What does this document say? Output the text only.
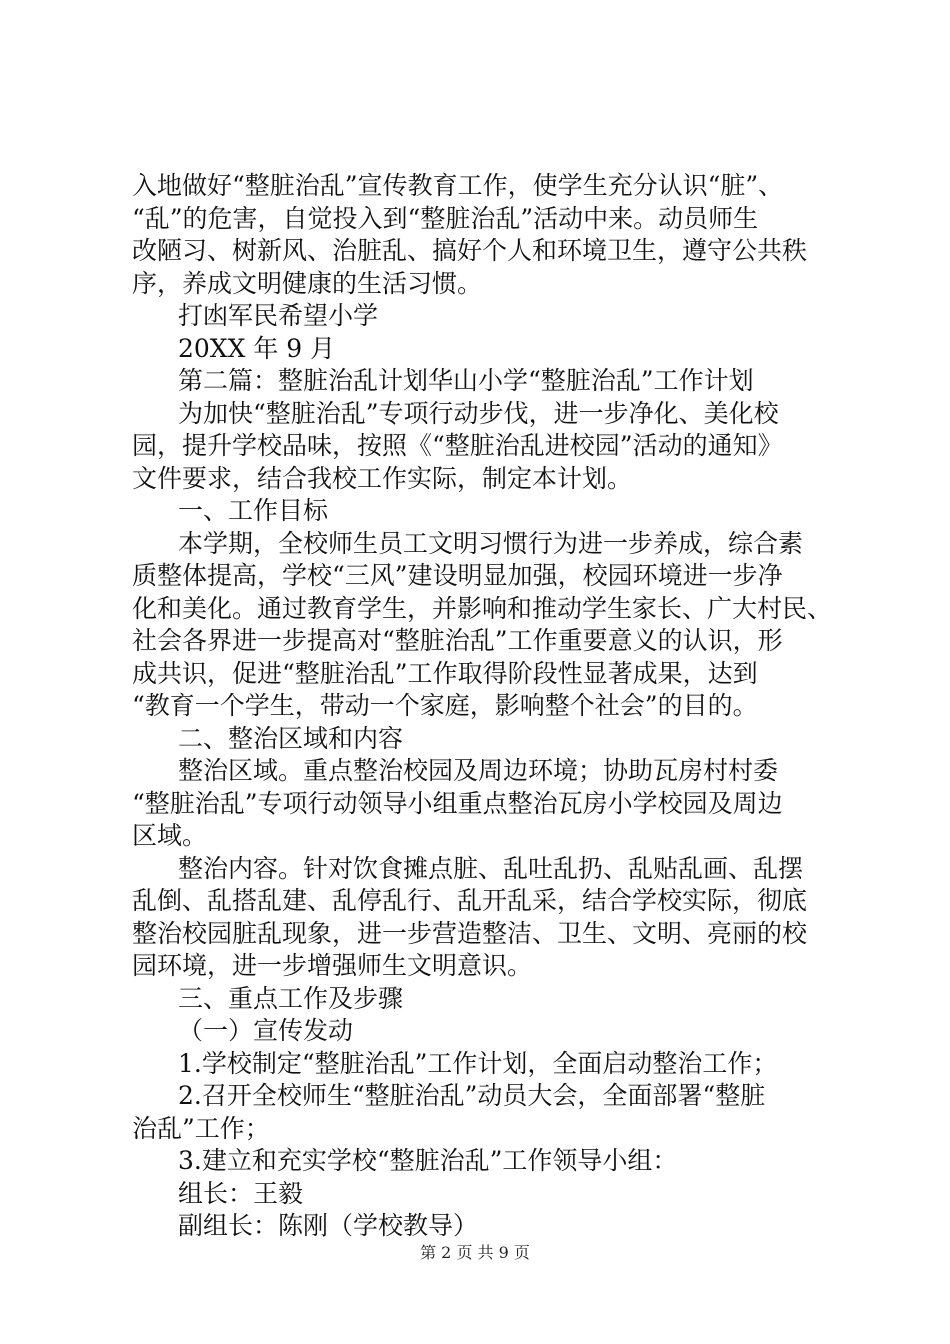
入地做好“整脏治乱”宣传教育工作，使学生充分认识“脏”、
“乱”的危害，自觉投入到“整脏治乱”活动中来。动员师生
改陋习、树新风、治脏乱、搞好个人和环境卫生，遵守公共秩
序，养成文明健康的生活习惯。
打凼军民希望小学
20XX 年 9 月
第二篇：整脏治乱计划华山小学“整脏治乱”工作计划
为加快“整脏治乱”专项行动步伐，进一步净化、美化校
园，提升学校品味，按照《“整脏治乱进校园”活动的通知》
文件要求，结合我校工作实际，制定本计划。
一、工作目标
本学期，全校师生员工文明习惯行为进一步养成，综合素
质整体提高，学校“三风”建设明显加强，校园环境进一步净
化和美化。通过教育学生，并影响和推动学生家长、广大村民、
社会各界进一步提高对“整脏治乱”工作重要意义的认识，形
成共识，促进“整脏治乱”工作取得阶段性显著成果，达到
“教育一个学生，带动一个家庭，影响整个社会”的目的。
二、整治区域和内容
整治区域。重点整治校园及周边环境；协助瓦房村村委
“整脏治乱”专项行动领导小组重点整治瓦房小学校园及周边
区域。
整治内容。针对饮食摊点脏、乱吐乱扔、乱贴乱画、乱摆
乱倒、乱搭乱建、乱停乱行、乱开乱采，结合学校实际，彻底
整治校园脏乱现象，进一步营造整洁、卫生、文明、亮丽的校
园环境，进一步增强师生文明意识。
三、重点工作及步骤
（一）宣传发动
1.学校制定“整脏治乱”工作计划，全面启动整治工作；
2.召开全校师生“整脏治乱”动员大会，全面部署“整脏
治乱”工作；
3.建立和充实学校“整脏治乱”工作领导小组：
组长：王毅
副组长：陈刚（学校教导）
第 2 页 共 9 页
